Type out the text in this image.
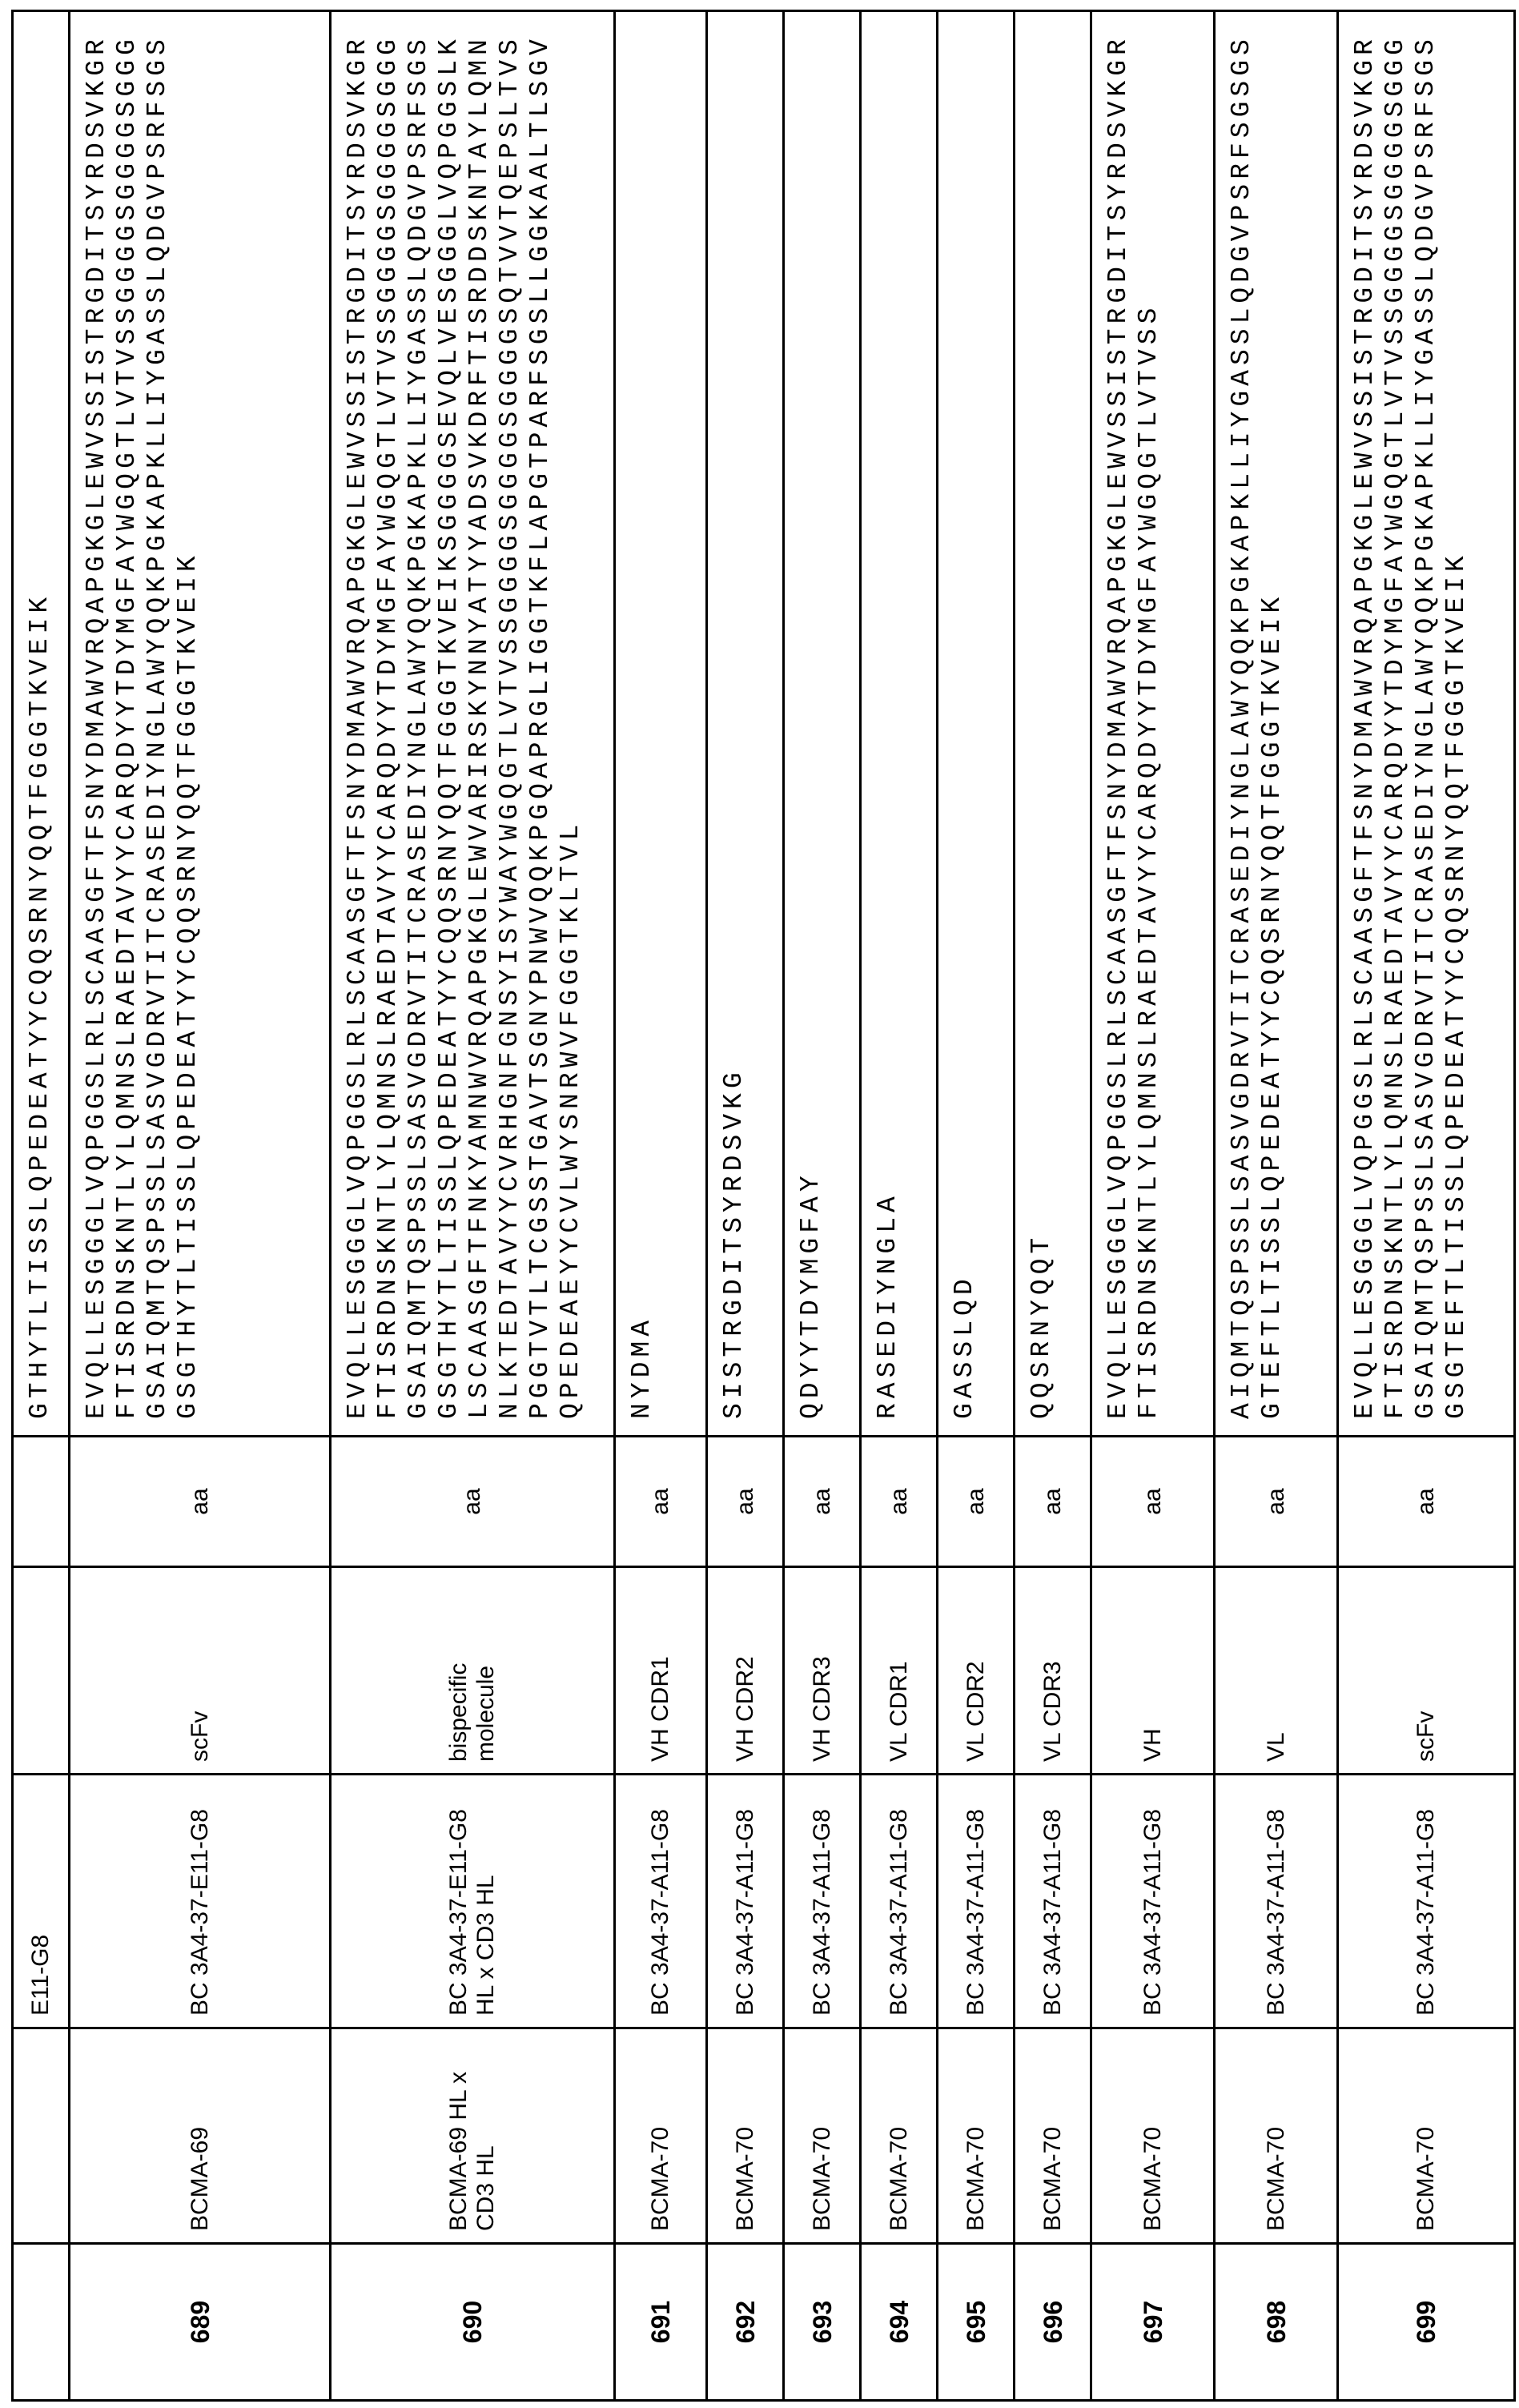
		E11-G8			
GTHYTLTISSLQPEDEATYYCQQSRNYQQTFGGGTKVEIK

689	BCMA-69	BC 3A4-37-E11-G8	scFv	aa	
EVQLLESGGGLVQPGGSLRLSCAASGFTFSNYDMAWVRQAPGKGLEWVSSISTRGDITSYRDSVKGR FTISRDNSKNTLYLQMNSLRAEDTAVYYCARQDYYTDYMGFAYWGQGTLVTVSSGGGGSGGGGSGGG GSAIQMTQSPSSLSASVGDRVTITCRASEDIYNGLAWYQQKPGKAPKLLIYGASSLQDGVPSRFSGS GSGTHYTLTISSLQPEDEATYYCQQSRNYQQTFGGGTKVEIK

690	BCMA-69 HL x CD3 HL	BC 3A4-37-E11-G8 HL x CD3 HL	bispecific molecule	aa	
EVQLLESGGGLVQPGGSLRLSCAASGFTFSNYDMAWVRQAPGKGLEWVSSISTRGDITSYRDSVKGR FTISRDNSKNTLYLQMNSLRAEDTAVYYCARQDYYTDYMGFAYWGQGTLVTVSSGGGGSGGGGSGGG GSAIQMTQSPSSLSASVGDRVTITCRASEDIYNGLAWYQQKPGKAPKLLIYGASSLQDGVPSRFSGS GSGTHYTLTISSLQPEDEATYYCQQSRNYQQTFGGGTKVEIKSGGGGSEVQLVESGGGLVQPGGSLK LSCAASGFTFNKYAMNWVRQAPGKGLEWVARIRSKYNNYATYYADSVKDRFTISRDDSKNTAYLQMN NLKTEDTAVYYCVRHGNFGNSYISYWAYWGQGTLVTVSSGGGGSGGGGSGGGGSQTVVTQEPSLTVS PGGTVTLTCGSSTGAVTSGNYPNWVQQKPGQAPRGLIGGTKFLAPGTPARFSGSLLGGKAALTLSGV QPEDEAEYYCVLWYSNRWVFGGGTKLTVL

691	BCMA-70	BC 3A4-37-A11-G8	VH CDR1	aa	
NYDMA

692	BCMA-70	BC 3A4-37-A11-G8	VH CDR2	aa	
SISTRGDITSYRDSVKG

693	BCMA-70	BC 3A4-37-A11-G8	VH CDR3	aa	
QDYYTDYMGFAY

694	BCMA-70	BC 3A4-37-A11-G8	VL CDR1	aa	
RASEDIYNGLA

695	BCMA-70	BC 3A4-37-A11-G8	VL CDR2	aa	
GASSLQD

696	BCMA-70	BC 3A4-37-A11-G8	VL CDR3	aa	
QQSRNYQQT

697	BCMA-70	BC 3A4-37-A11-G8	VH	aa	
EVQLLESGGGLVQPGGSLRLSCAASGFTFSNYDMAWVRQAPGKGLEWVSSISTRGDITSYRDSVKGR FTISRDNSKNTLYLQMNSLRAEDTAVYYCARQDYYTDYMGFAYWGQGTLVTVSS

698	BCMA-70	BC 3A4-37-A11-G8	VL	aa	
AIQMTQSPSSLSASVGDRVTITCRASEDIYNGLAWYQQKPGKAPKLLIYGASSLQDGVPSRFSGSGS GTEFTLTISSLQPEDEATYYCQQSRNYQQTFGGGTKVEIK

699	BCMA-70	BC 3A4-37-A11-G8	scFv	aa	
EVQLLESGGGLVQPGGSLRLSCAASGFTFSNYDMAWVRQAPGKGLEWVSSISTRGDITSYRDSVKGR FTISRDNSKNTLYLQMNSLRAEDTAVYYCARQDYYTDYMGFAYWGQGTLVTVSSGGGGSGGGGSGGG GSAIQMTQSPSSLSASVGDRVTITCRASEDIYNGLAWYQQKPGKAPKLLIYGASSLQDGVPSRFSGS GSGTEFTLTISSLQPEDEATYYCQQSRNYQQTFGGGTKVEIK
